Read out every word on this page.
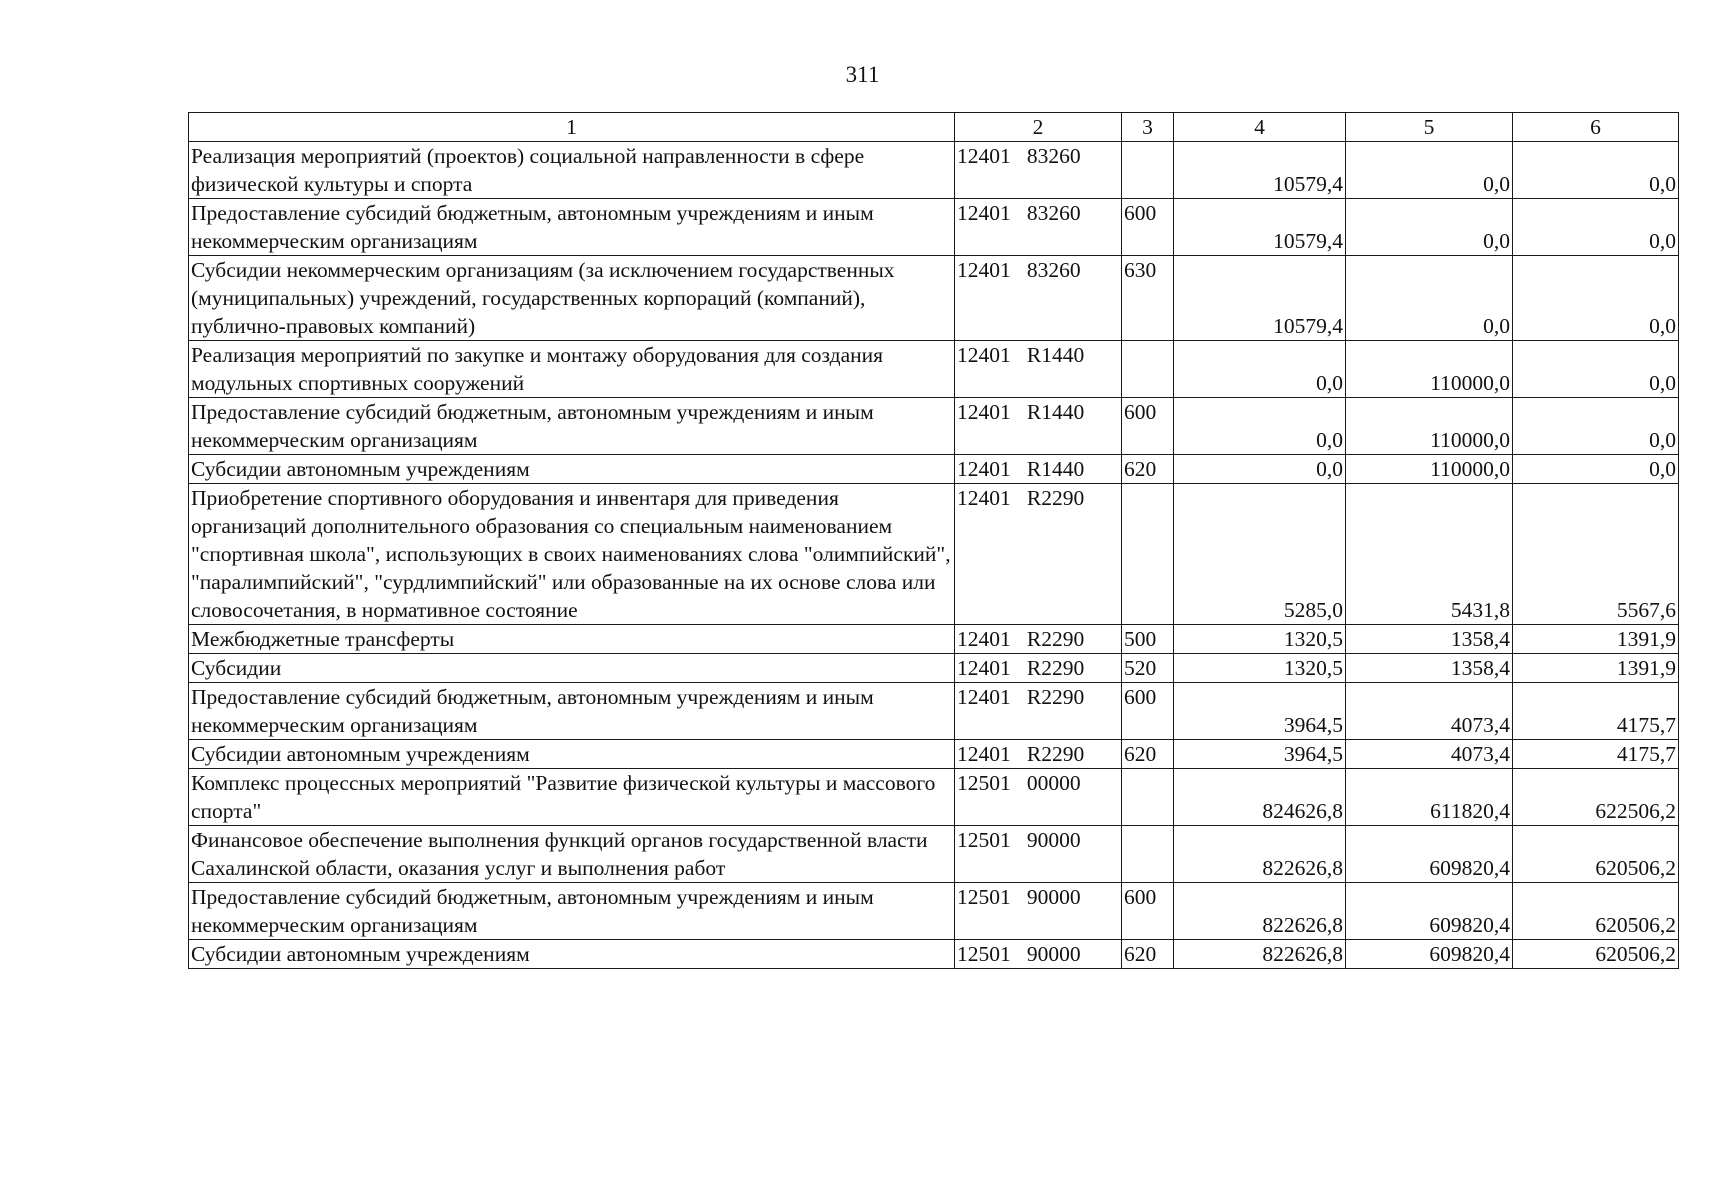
311
1	2	3	4	5	6
Реализация мероприятий (проектов) социальной направленности в сфере физической культуры и спорта	12401   83260		10579,4	0,0	0,0
Предоставление субсидий бюджетным, автономным учреждениям и иным некоммерческим организациям	12401   83260	600	10579,4	0,0	0,0
Субсидии некоммерческим организациям (за исключением государственных (муниципальных) учреждений, государственных корпораций (компаний), публично-правовых компаний)	12401   83260	630	10579,4	0,0	0,0
Реализация мероприятий по закупке и монтажу оборудования для создания модульных спортивных сооружений	12401   R1440		0,0	110000,0	0,0
Предоставление субсидий бюджетным, автономным учреждениям и иным некоммерческим организациям	12401   R1440	600	0,0	110000,0	0,0
Субсидии автономным учреждениям	12401   R1440	620	0,0	110000,0	0,0
Приобретение спортивного оборудования и инвентаря для приведения организаций дополнительного образования со специальным наименованием "спортивная школа", использующих в своих наименованиях слова "олимпийский", "паралимпийский", "сурдлимпийский" или образованные на их основе слова или словосочетания, в нормативное состояние	12401   R2290		5285,0	5431,8	5567,6
Межбюджетные трансферты	12401   R2290	500	1320,5	1358,4	1391,9
Субсидии	12401   R2290	520	1320,5	1358,4	1391,9
Предоставление субсидий бюджетным, автономным учреждениям и иным некоммерческим организациям	12401   R2290	600	3964,5	4073,4	4175,7
Субсидии автономным учреждениям	12401   R2290	620	3964,5	4073,4	4175,7
Комплекс процессных мероприятий "Развитие физической культуры и массового спорта"	12501   00000		824626,8	611820,4	622506,2
Финансовое обеспечение выполнения функций органов государственной власти Сахалинской области, оказания услуг и выполнения работ	12501   90000		822626,8	609820,4	620506,2
Предоставление субсидий бюджетным, автономным учреждениям и иным некоммерческим организациям	12501   90000	600	822626,8	609820,4	620506,2
Субсидии автономным учреждениям	12501   90000	620	822626,8	609820,4	620506,2
